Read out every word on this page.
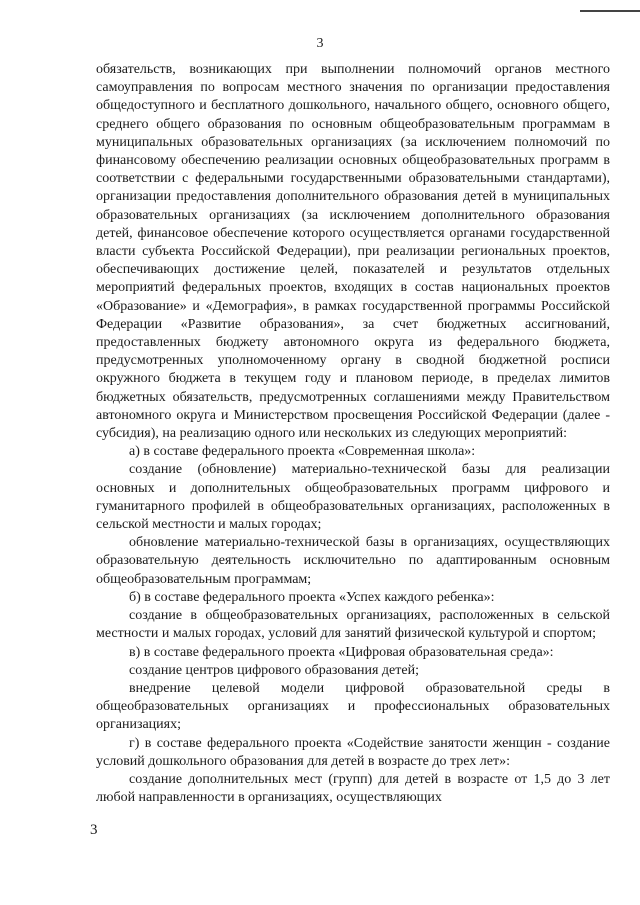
3

обязательств, возникающих при выполнении полномочий органов местного самоуправления по вопросам местного значения по организации предоставления общедоступного и бесплатного дошкольного, начального общего, основного общего, среднего общего образования по основным общеобразовательным программам в муниципальных образовательных организациях (за исключением полномочий по финансовому обеспечению реализации основных общеобразовательных программ в соответствии с федеральными государственными образовательными стандартами), организации предоставления дополнительного образования детей в муниципальных образовательных организациях (за исключением дополнительного образования детей, финансовое обеспечение которого осуществляется органами государственной власти субъекта Российской Федерации), при реализации региональных проектов, обеспечивающих достижение целей, показателей и результатов отдельных мероприятий федеральных проектов, входящих в состав национальных проектов «Образование» и «Демография», в рамках государственной программы Российской Федерации «Развитие образования», за счет бюджетных ассигнований, предоставленных бюджету автономного округа из федерального бюджета, предусмотренных уполномоченному органу в сводной бюджетной росписи окружного бюджета в текущем году и плановом периоде, в пределах лимитов бюджетных обязательств, предусмотренных соглашениями между Правительством автономного округа и Министерством просвещения Российской Федерации (далее - субсидия), на реализацию одного или нескольких из следующих мероприятий:

а) в составе федерального проекта «Современная школа»:

создание (обновление) материально-технической базы для реализации основных и дополнительных общеобразовательных программ цифрового и гуманитарного профилей в общеобразовательных организациях, расположенных в сельской местности и малых городах;

обновление материально-технической базы в организациях, осуществляющих образовательную деятельность исключительно по адаптированным основным общеобразовательным программам;

б) в составе федерального проекта «Успех каждого ребенка»:

создание в общеобразовательных организациях, расположенных в сельской местности и малых городах, условий для занятий физической культурой и спортом;

в) в составе федерального проекта «Цифровая образовательная среда»:

создание центров цифрового образования детей;

внедрение целевой модели цифровой образовательной среды в общеобразовательных организациях и профессиональных образовательных организациях;

г) в составе федерального проекта «Содействие занятости женщин - создание условий дошкольного образования для детей в возрасте до трех лет»:

создание дополнительных мест (групп) для детей в возрасте от 1,5 до 3 лет любой направленности в организациях, осуществляющих

3
